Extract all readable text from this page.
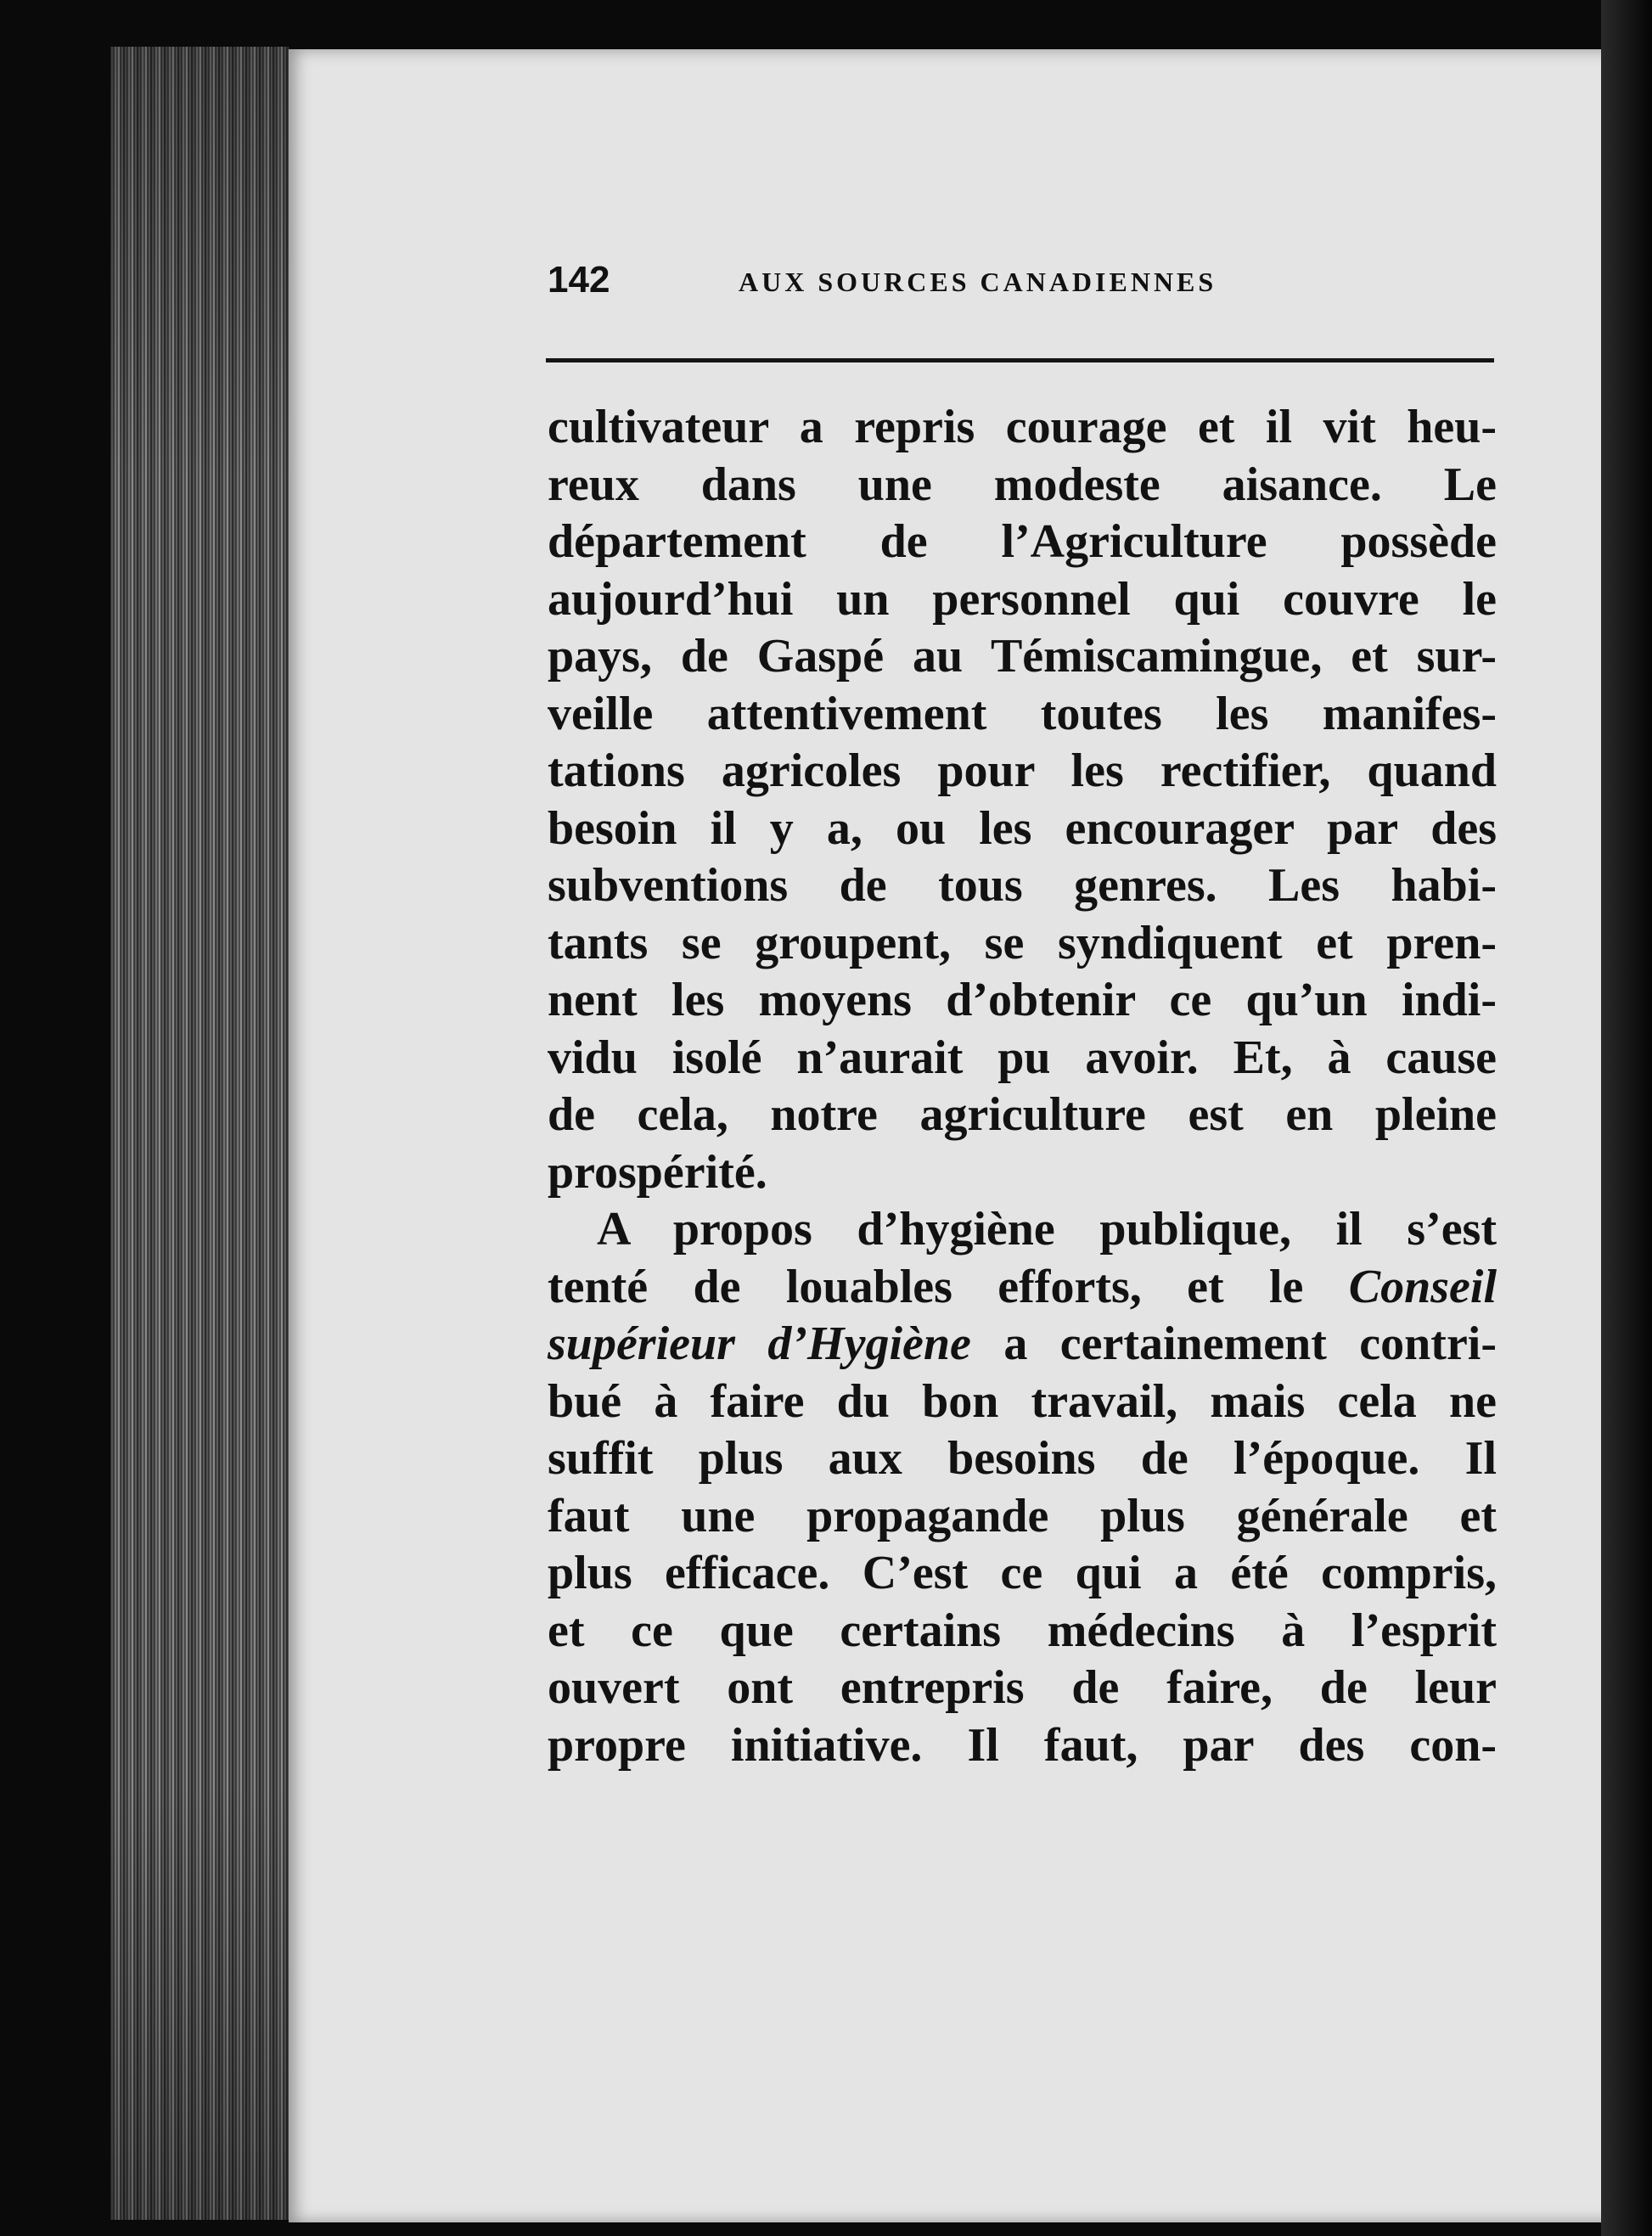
142	AUX SOURCES CANADIENNES
cultivateur a repris courage et il vit heu-
reux dans une modeste aisance. Le
département de l’Agriculture possède
aujourd’hui un personnel qui couvre le
pays, de Gaspé au Témiscamingue, et sur-
veille attentivement toutes les manifes-
tations agricoles pour les rectifier, quand
besoin il y a, ou les encourager par des
subventions de tous genres. Les habi-
tants se groupent, se syndiquent et pren-
nent les moyens d’obtenir ce qu’un indi-
vidu isolé n’aurait pu avoir. Et, à cause
de cela, notre agriculture est en pleine
prospérité.
A propos d’hygiène publique, il s’est
tenté de louables efforts, et le Conseil
supérieur d’Hygiène a certainement contri-
bué à faire du bon travail, mais cela ne
suffit plus aux besoins de l’époque. Il
faut une propagande plus générale et
plus efficace. C’est ce qui a été compris,
et ce que certains médecins à l’esprit
ouvert ont entrepris de faire, de leur
propre initiative. Il faut, par des con-
